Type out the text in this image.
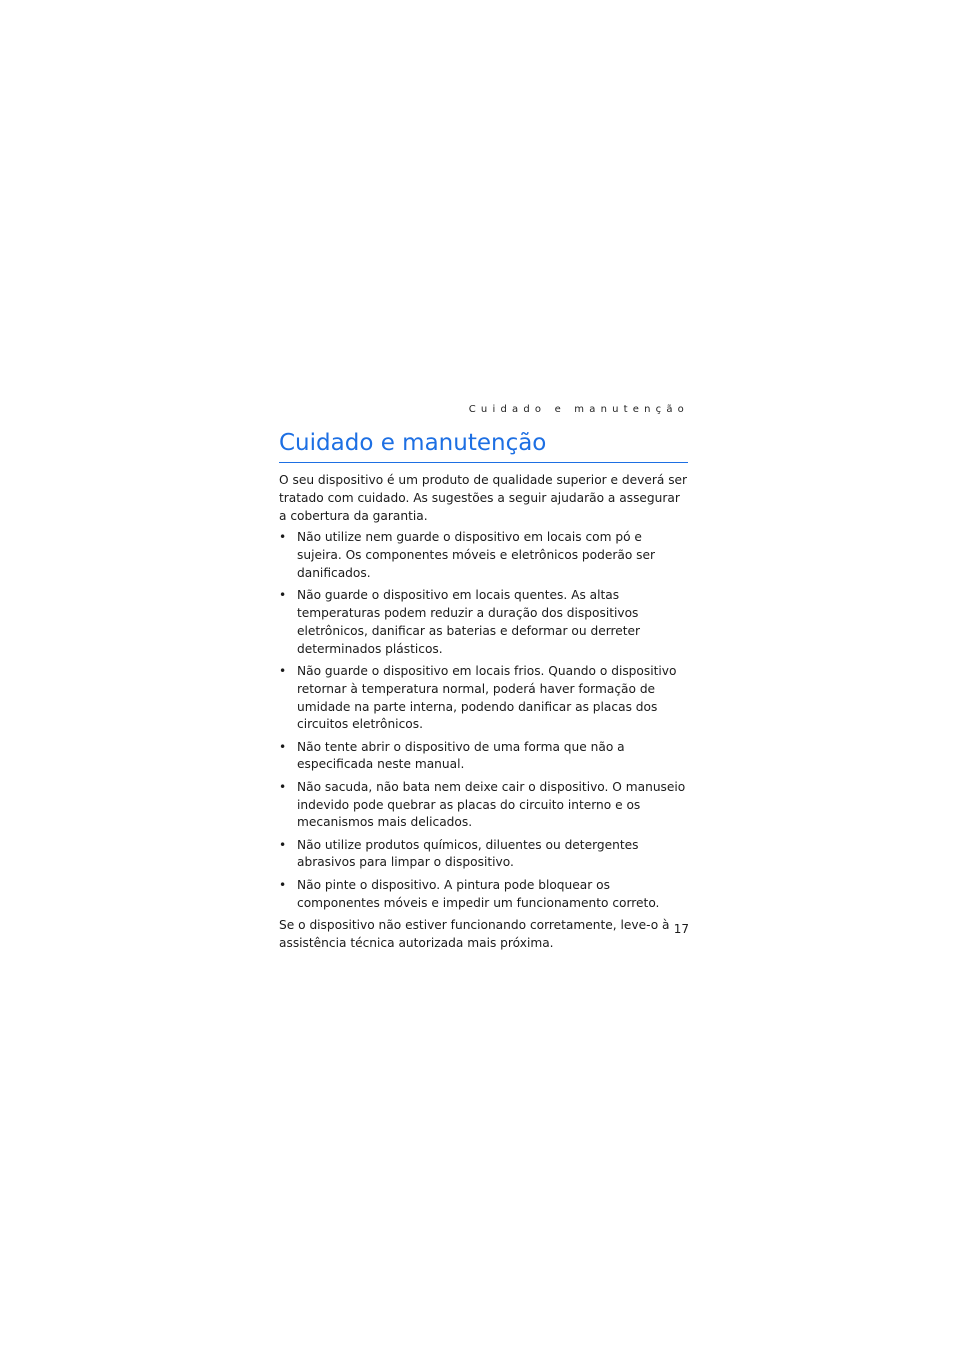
Cuidado e manutenção
Cuidado e manutenção

O seu dispositivo é um produto de qualidade superior e deverá ser tratado com cuidado. As sugestões a seguir ajudarão a assegurar a cobertura da garantia.

• Não utilize nem guarde o dispositivo em locais com pó e sujeira. Os componentes móveis e eletrônicos poderão ser danificados.
• Não guarde o dispositivo em locais quentes. As altas temperaturas podem reduzir a duração dos dispositivos eletrônicos, danificar as baterias e deformar ou derreter determinados plásticos.
• Não guarde o dispositivo em locais frios. Quando o dispositivo retornar à temperatura normal, poderá haver formação de umidade na parte interna, podendo danificar as placas dos circuitos eletrônicos.
• Não tente abrir o dispositivo de uma forma que não a especificada neste manual.
• Não sacuda, não bata nem deixe cair o dispositivo. O manuseio indevido pode quebrar as placas do circuito interno e os mecanismos mais delicados.
• Não utilize produtos químicos, diluentes ou detergentes abrasivos para limpar o dispositivo.
• Não pinte o dispositivo. A pintura pode bloquear os componentes móveis e impedir um funcionamento correto.

Se o dispositivo não estiver funcionando corretamente, leve-o à assistência técnica autorizada mais próxima.

17
